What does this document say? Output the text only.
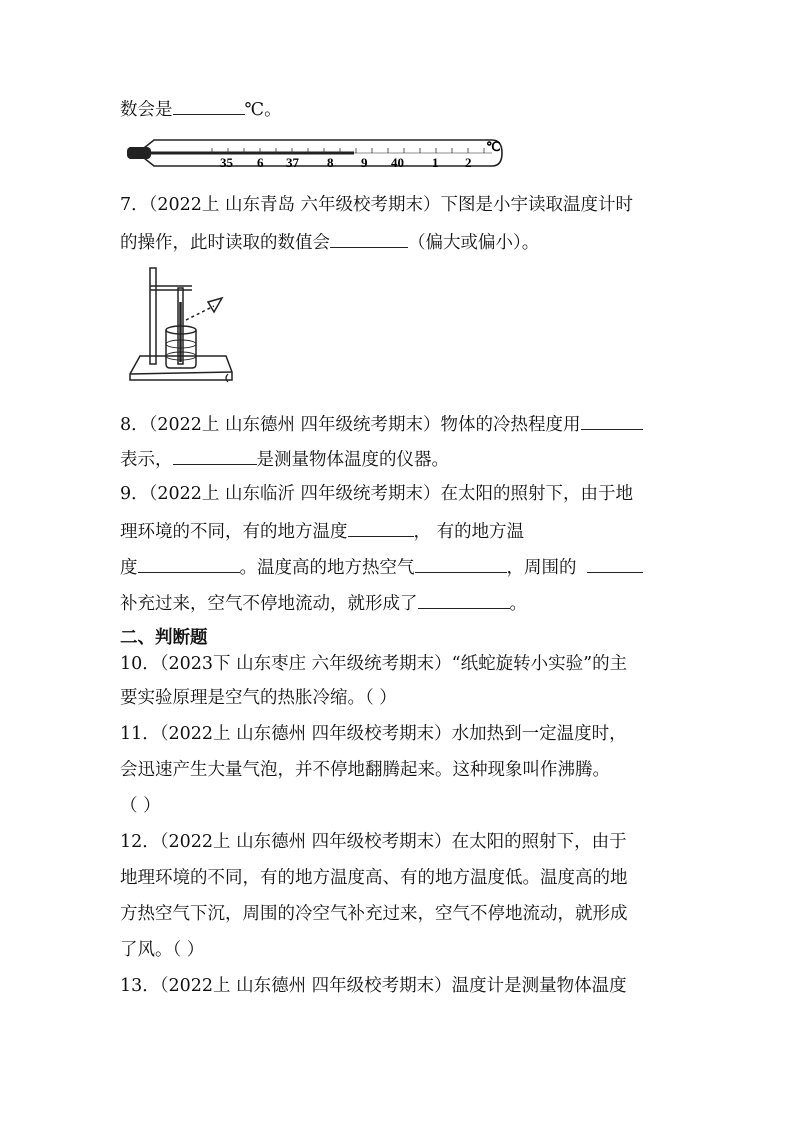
数会是	℃。
35 6 37 8 9 40 1 2
℃
7．（2022上 山东青岛 六年级校考期末）下图是小宇读取温度计时
的操作，此时读取的数值会	（偏大或偏小）。
8．（2022上 山东德州 四年级统考期末）物体的冷热程度用
表示，	是测量物体温度的仪器。
9．（2022上 山东临沂 四年级统考期末）在太阳的照射下，由于地
理环境的不同，有的地方温度	， 有的地方温
度	。温度高的地方热空气	，周围的
补充过来，空气不停地流动，就形成了	。
二、判断题
10．（2023下 山东枣庄 六年级统考期末）“纸蛇旋转小实验”的主
要实验原理是空气的热胀冷缩。（ ）
11．（2022上 山东德州 四年级校考期末）水加热到一定温度时，
会迅速产生大量气泡，并不停地翻腾起来。这种现象叫作沸腾。
（ ）
12．（2022上 山东德州 四年级校考期末）在太阳的照射下，由于
地理环境的不同，有的地方温度高、有的地方温度低。温度高的地
方热空气下沉，周围的冷空气补充过来，空气不停地流动，就形成
了风。（ ）
13．（2022上 山东德州 四年级校考期末）温度计是测量物体温度
